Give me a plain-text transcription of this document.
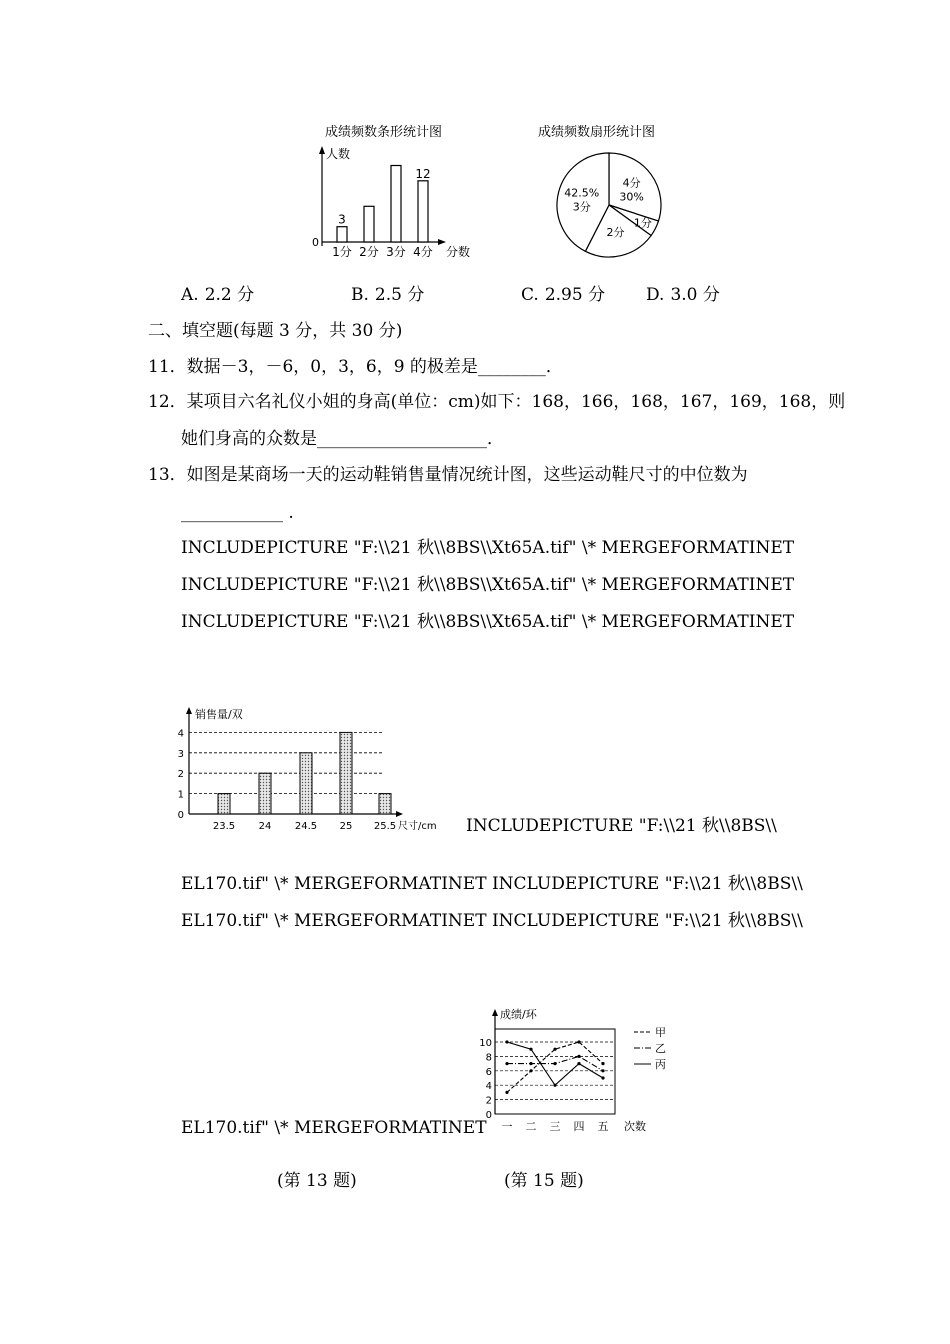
成绩频数条形统计图
人数
0
分数
3
1分 2分 3分
12
4分
成绩频数扇形统计图
4分
30%
1分
2分
42.5%
3分
A. 2.2 分	B. 2.5 分	C. 2.95 分 D. 3.0 分
二、填空题(每题 3 分，共 30 分)
11．数据－3，－6，0，3，6，9 的极差是________．
12．某项目六名礼仪小姐的身高(单位：cm)如下：168，166，168，167，169，168，则
她们身高的众数是____________________．
13．如图是某商场一天的运动鞋销售量情况统计图，这些运动鞋尺寸的中位数为
____________ .
INCLUDEPICTURE "F:\\21 秋\\8BS\\Xt65A.tif" \* MERGEFORMATINET
INCLUDEPICTURE "F:\\21 秋\\8BS\\Xt65A.tif" \* MERGEFORMATINET
INCLUDEPICTURE "F:\\21 秋\\8BS\\Xt65A.tif" \* MERGEFORMATINET
销售量/双
尺寸/cm
0
1
2
3
4
23.5 24 24.5 25 25.5	INCLUDEPICTURE "F:\\21 秋\\8BS\\
EL170.tif" \* MERGEFORMATINET INCLUDEPICTURE "F:\\21 秋\\8BS\\
EL170.tif" \* MERGEFORMATINET INCLUDEPICTURE "F:\\21 秋\\8BS\\
EL170.tif" \* MERGEFORMATINET
成绩/环
次数
0
2
4
6
8
10
一 二 三 四 五
甲
乙
丙
(第 13 题)	(第 15 题)
